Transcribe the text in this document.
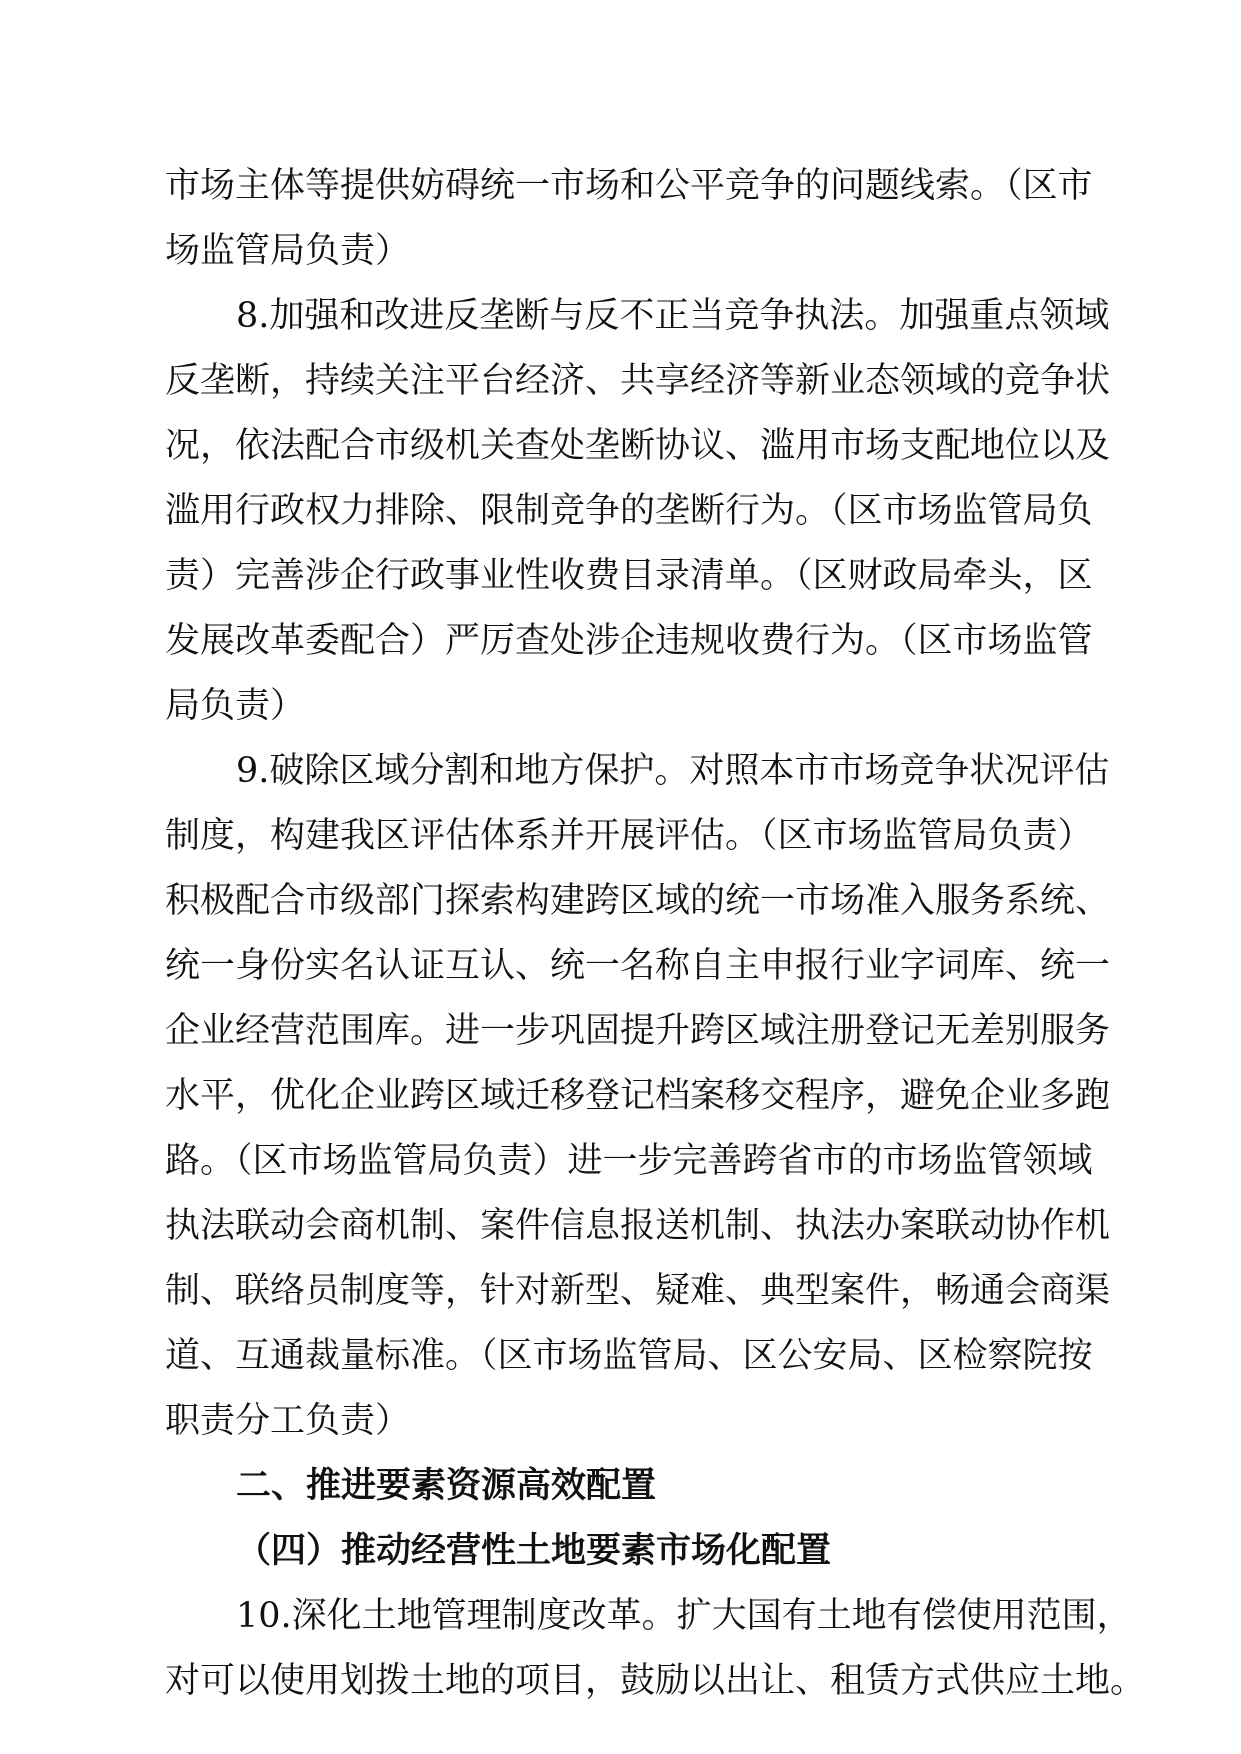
市场主体等提供妨碍统一市场和公平竞争的问题线索。（区市
场监管局负责）
8.加强和改进反垄断与反不正当竞争执法。加强重点领域
反垄断，持续关注平台经济、共享经济等新业态领域的竞争状
况，依法配合市级机关查处垄断协议、滥用市场支配地位以及
滥用行政权力排除、限制竞争的垄断行为。（区市场监管局负
责）完善涉企行政事业性收费目录清单。（区财政局牵头，区
发展改革委配合）严厉查处涉企违规收费行为。（区市场监管
局负责）
9.破除区域分割和地方保护。对照本市市场竞争状况评估
制度，构建我区评估体系并开展评估。（区市场监管局负责）
积极配合市级部门探索构建跨区域的统一市场准入服务系统、
统一身份实名认证互认、统一名称自主申报行业字词库、统一
企业经营范围库。进一步巩固提升跨区域注册登记无差别服务
水平，优化企业跨区域迁移登记档案移交程序，避免企业多跑
路。（区市场监管局负责）进一步完善跨省市的市场监管领域
执法联动会商机制、案件信息报送机制、执法办案联动协作机
制、联络员制度等，针对新型、疑难、典型案件，畅通会商渠
道、互通裁量标准。（区市场监管局、区公安局、区检察院按
职责分工负责）
二、推进要素资源高效配置
（四）推动经营性土地要素市场化配置
10.深化土地管理制度改革。扩大国有土地有偿使用范围，
对可以使用划拨土地的项目，鼓励以出让、租赁方式供应土地。
